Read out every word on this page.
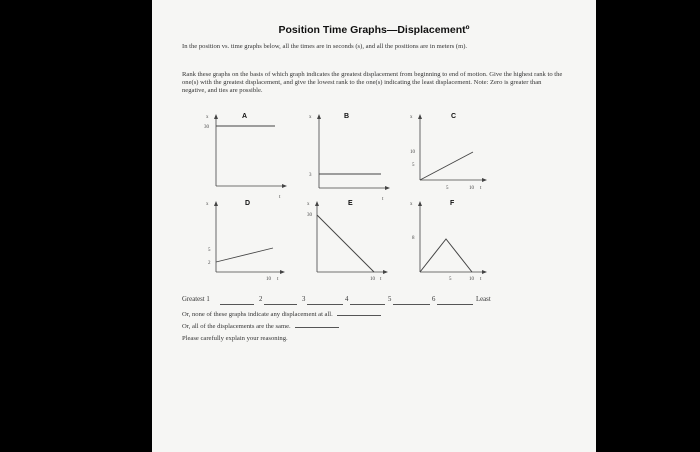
Position Time Graphs—Displacementº
In the position vs. time graphs below, all the times are in seconds (s), and all the positions are in meters (m).
Rank these graphs on the basis of which graph indicates the greatest displacement from beginning to end of motion. Give the highest rank to the one(s) with the greatest displacement, and give the lowest rank to the one(s) indicating the least displacement. Note: Zero is greater than negative, and ties are possible.
x	A
30
t
x	B
3
t
x	C
10
5
5	10 t
x	D
5
2
10 t
x	E
30
10 t
x	F
8
5	10 t
Greatest 1	2	3	4	5	6	Least
Or, none of these graphs indicate any displacement at all.
Or, all of the displacements are the same.
Please carefully explain your reasoning.
